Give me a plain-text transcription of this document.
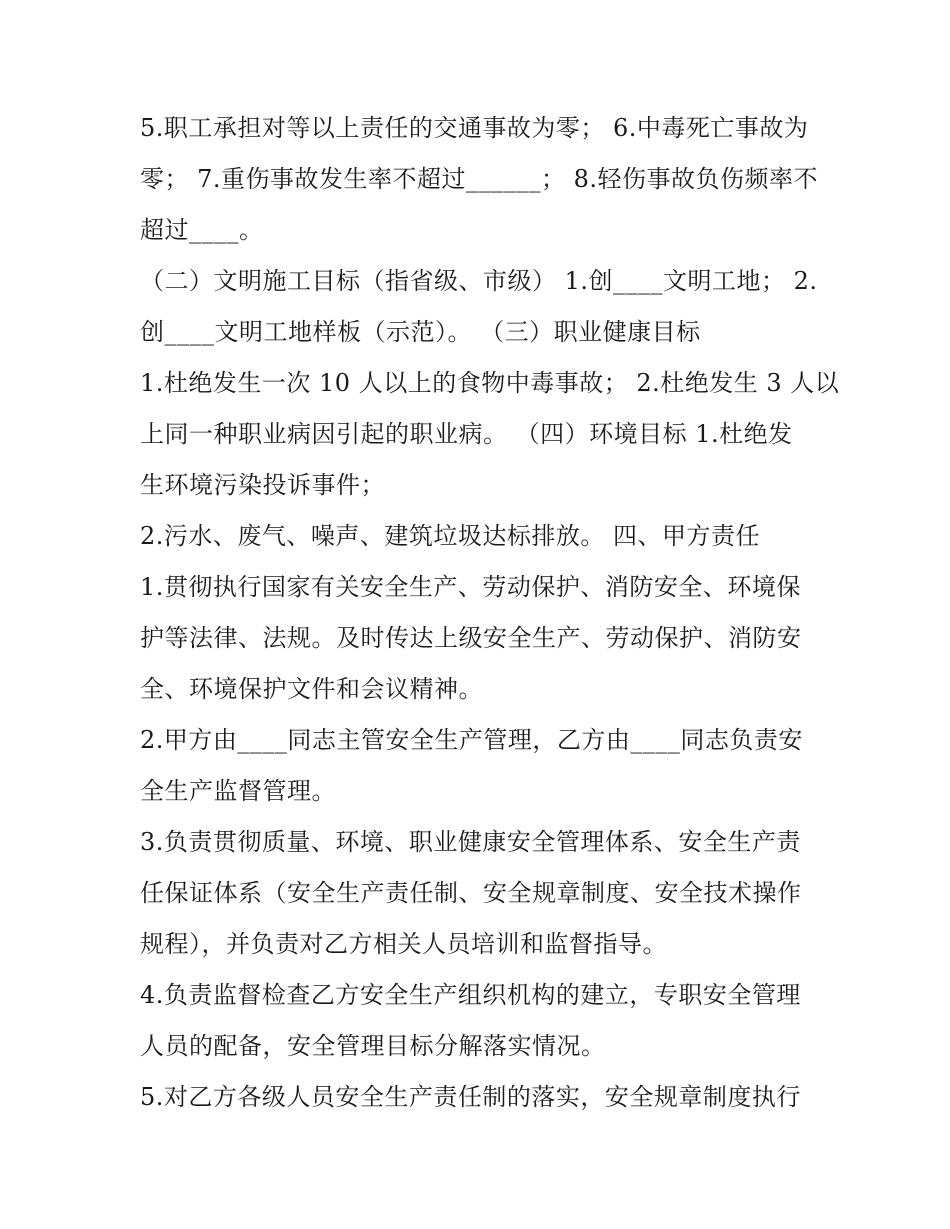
5.职工承担对等以上责任的交通事故为零； 6.中毒死亡事故为
零； 7.重伤事故发生率不超过______； 8.轻伤事故负伤频率不
超过____。
（二）文明施工目标（指省级、市级） 1.创____文明工地； 2.
创____文明工地样板（示范）。 （三）职业健康目标
1.杜绝发生一次 10 人以上的食物中毒事故； 2.杜绝发生 3 人以
上同一种职业病因引起的职业病。 （四）环境目标 1.杜绝发
生环境污染投诉事件；
2.污水、废气、噪声、建筑垃圾达标排放。 四、甲方责任
1.贯彻执行国家有关安全生产、劳动保护、消防安全、环境保
护等法律、法规。及时传达上级安全生产、劳动保护、消防安
全、环境保护文件和会议精神。
2.甲方由____同志主管安全生产管理，乙方由____同志负责安
全生产监督管理。
3.负责贯彻质量、环境、职业健康安全管理体系、安全生产责
任保证体系（安全生产责任制、安全规章制度、安全技术操作
规程），并负责对乙方相关人员培训和监督指导。
4.负责监督检查乙方安全生产组织机构的建立，专职安全管理
人员的配备，安全管理目标分解落实情况。
5.对乙方各级人员安全生产责任制的落实，安全规章制度执行
